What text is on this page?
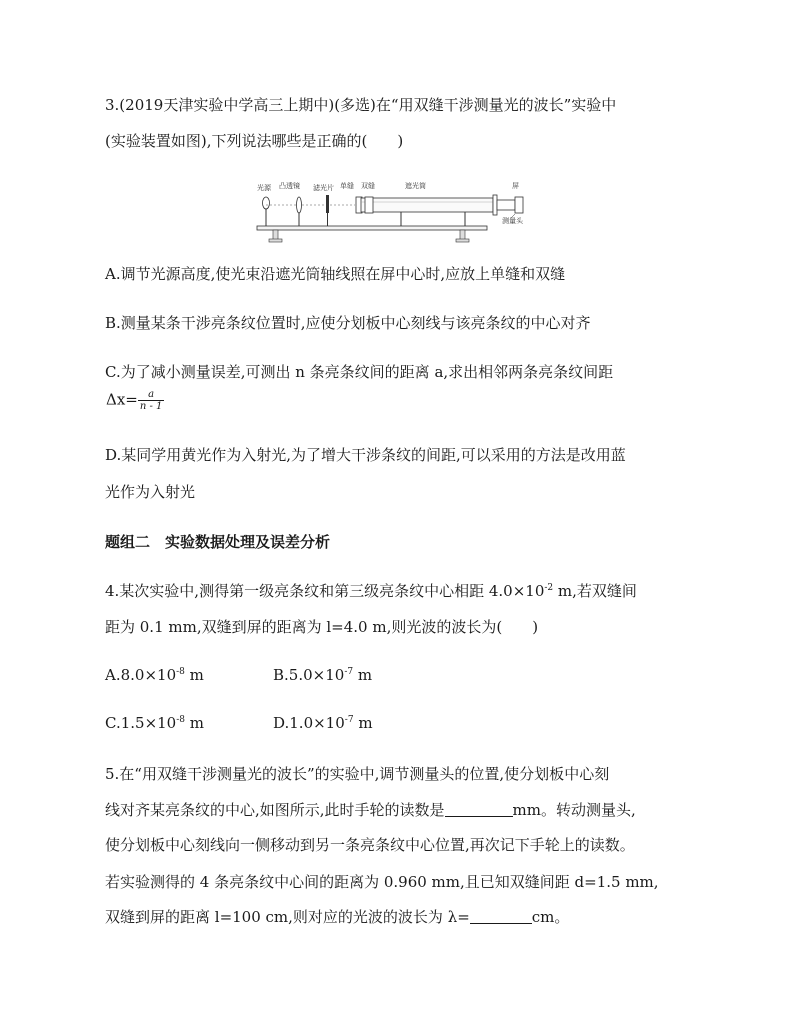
3.(2019天津实验中学高三上期中)(多选)在“用双缝干涉测量光的波长”实验中
(实验装置如图),下列说法哪些是正确的(　　)
光源 凸透镜 滤光片 单缝 双缝	遮光筒	屏
测量头
A.调节光源高度,使光束沿遮光筒轴线照在屏中心时,应放上单缝和双缝
B.测量某条干涉亮条纹位置时,应使分划板中心刻线与该亮条纹的中心对齐
C.为了减小测量误差,可测出 n 条亮条纹间的距离 a,求出相邻两条亮条纹间距
$\Delta x= \frac{a}{n - 1}$
D.某同学用黄光作为入射光,为了增大干涉条纹的间距,可以采用的方法是改用蓝
光作为入射光
题组二　实验数据处理及误差分析
4.某次实验中,测得第一级亮条纹和第三级亮条纹中心相距 $4.0\times 10^{-2}$ m,若双缝间
距为 0.1 mm,双缝到屏的距离为 l=4.0 m,则光波的波长为(　　)
$A.8.0\times 10^{-8}$ m	$B.5.0\times 10^{-7}$ m
$C.1.5\times 10^{-8}$ m	$D.1.0\times 10^{-7}$ m
5.在“用双缝干涉测量光的波长”的实验中,调节测量头的位置,使分划板中心刻
线对齐某亮条纹的中心,如图所示,此时手轮的读数是	mm。转动测量头,
使分划板中心刻线向一侧移动到另一条亮条纹中心位置,再次记下手轮上的读数。
若实验测得的 4 条亮条纹中心间的距离为 0.960 mm,且已知双缝间距 d=1.5 mm,
双缝到屏的距离 l=100 cm,则对应的光波的波长为 λ=	cm。
